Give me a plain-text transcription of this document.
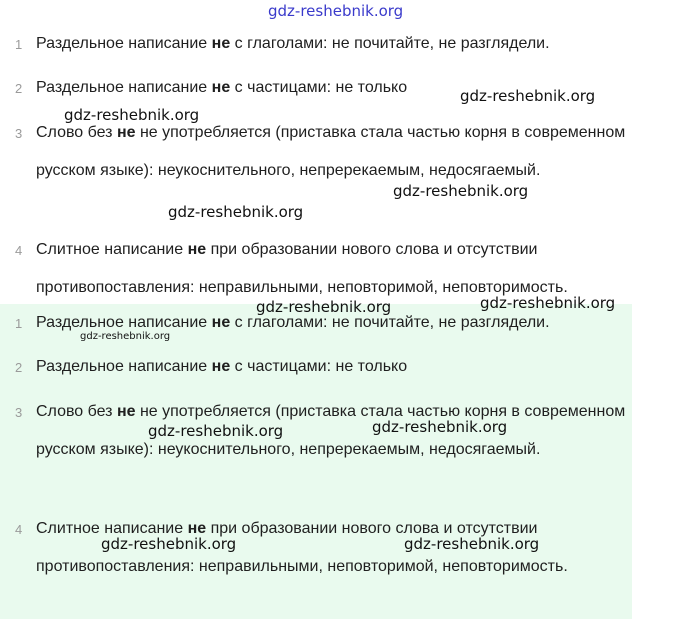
1 Раздельное написание не с глаголами: не почитайте, не разглядели.
2 Раздельное написание не с частицами: не только
3 Слово без не не употребляется (приставка стала частью корня в современном русском языке): неукоснительного, непререкаемым, недосягаемый.
4 Слитное написание не при образовании нового слова и отсутствии противопоставления: неправильными, неповторимой, неповторимость.
1 Раздельное написание не с глаголами: не почитайте, не разглядели.
2 Раздельное написание не с частицами: не только
3 Слово без не не употребляется (приставка стала частью корня в современном русском языке): неукоснительного, непререкаемым, недосягаемый.
4 Слитное написание не при образовании нового слова и отсутствии противопоставления: неправильными, неповторимой, неповторимость.
gdz-reshebnik.org
gdz-reshebnik.org
gdz-reshebnik.org
gdz-reshebnik.org
gdz-reshebnik.org
gdz-reshebnik.org
gdz-reshebnik.org
gdz-reshebnik.org
gdz-reshebnik.org
gdz-reshebnik.org
gdz-reshebnik.org	gdz-reshebnik.org
